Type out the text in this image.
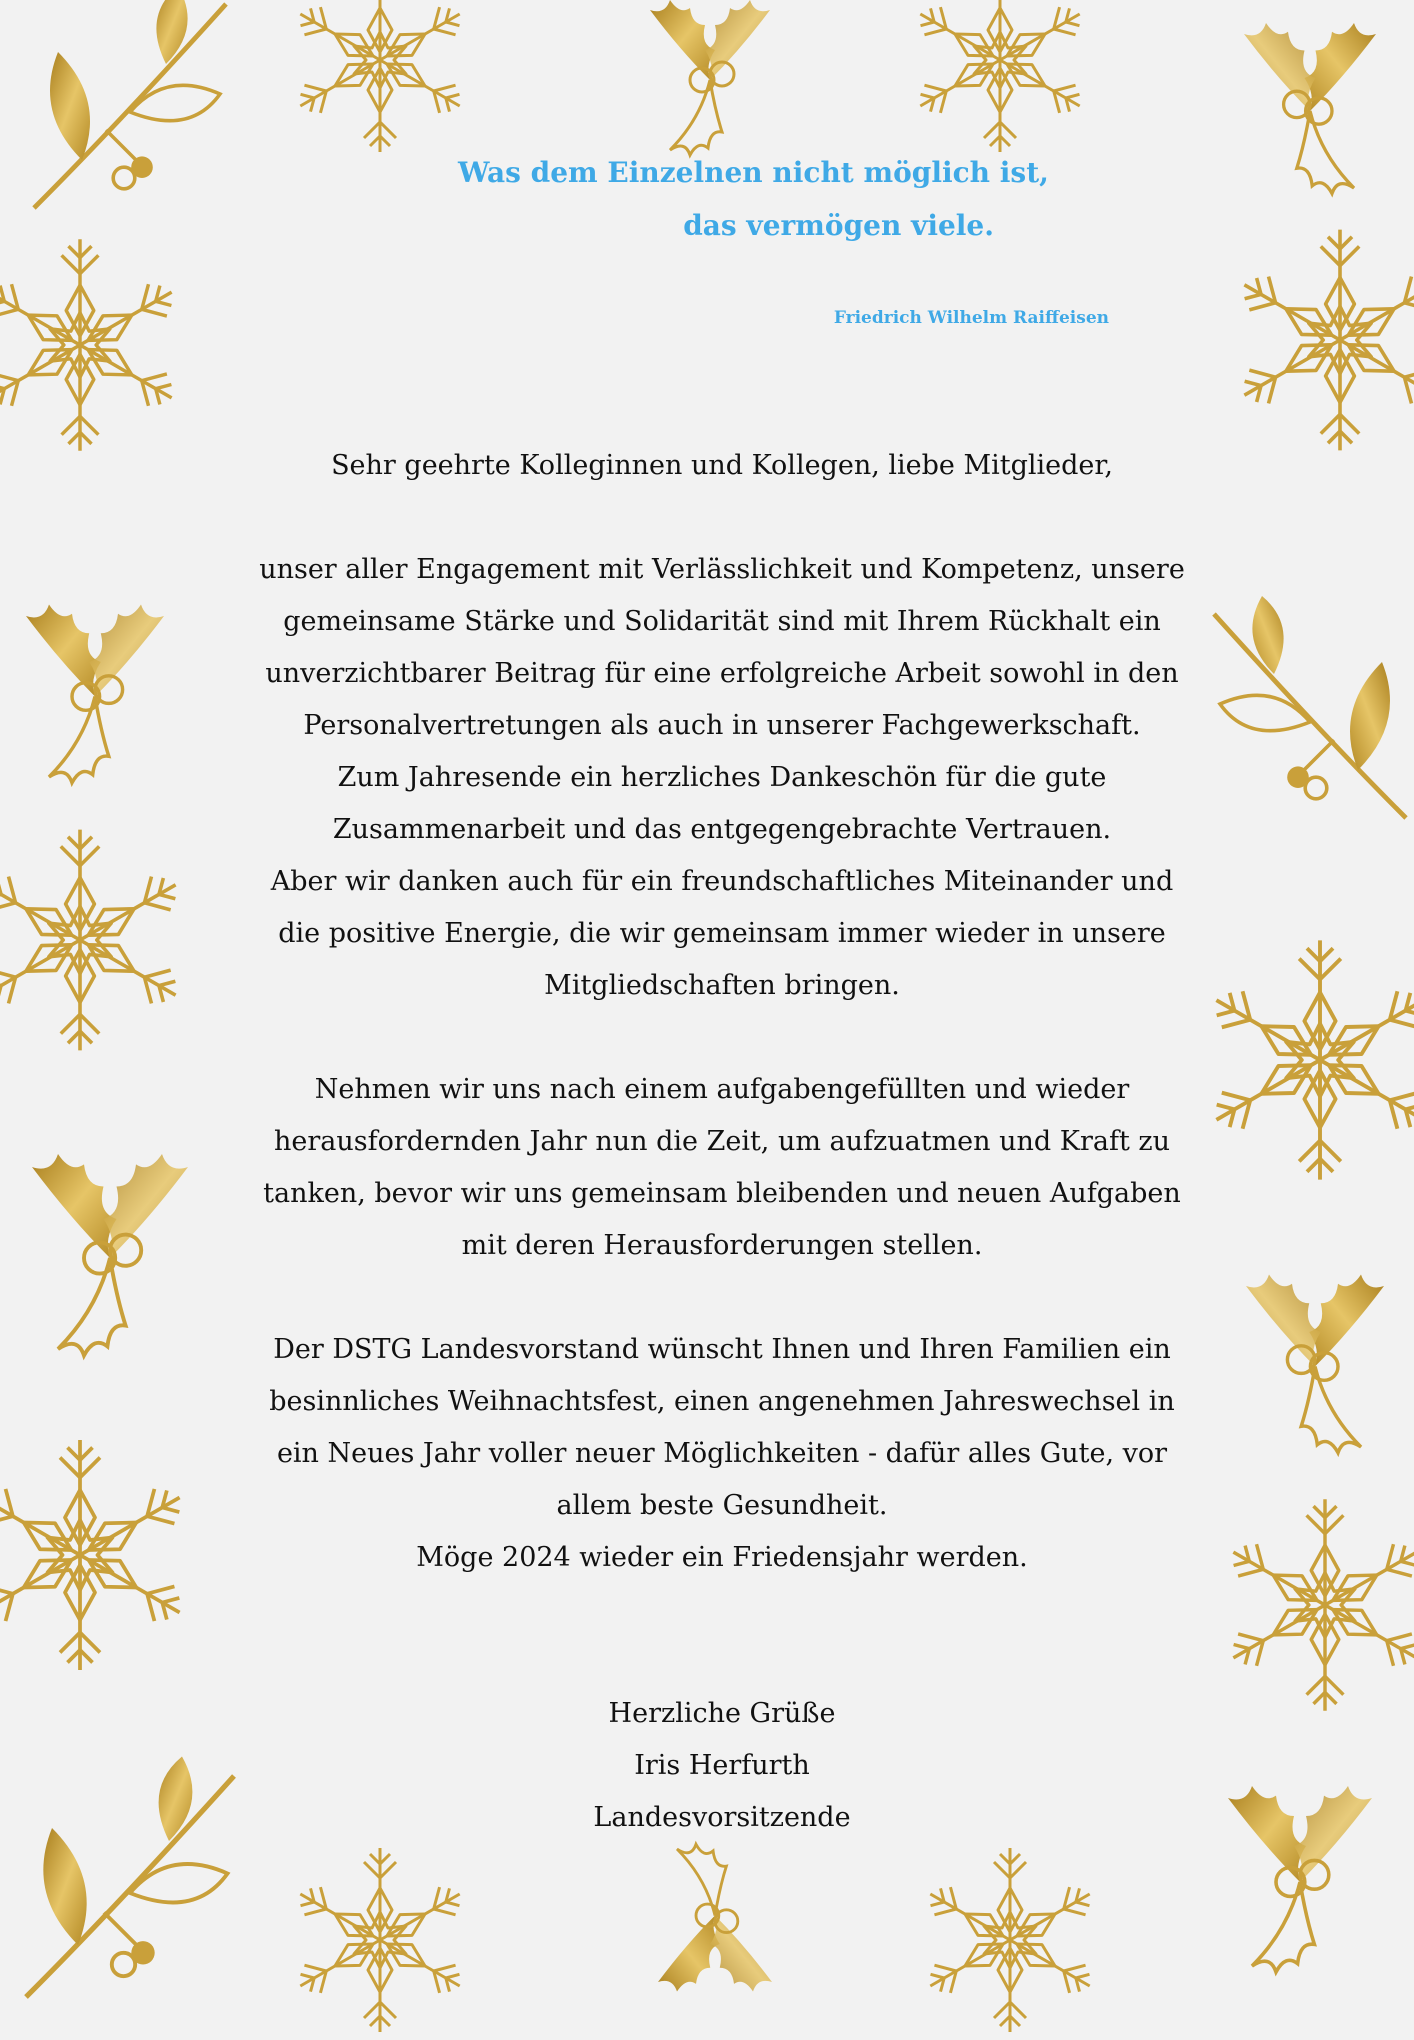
Was dem Einzelnen nicht möglich ist,
das vermögen viele.
Friedrich Wilhelm Raiffeisen

Sehr geehrte Kolleginnen und Kollegen, liebe Mitglieder,

unser aller Engagement mit Verlässlichkeit und Kompetenz, unsere

gemeinsame Stärke und Solidarität sind mit Ihrem Rückhalt ein

unverzichtbarer Beitrag für eine erfolgreiche Arbeit sowohl in den

Personalvertretungen als auch in unserer Fachgewerkschaft.

Zum Jahresende ein herzliches Dankeschön für die gute

Zusammenarbeit und das entgegengebrachte Vertrauen.

Aber wir danken auch für ein freundschaftliches Miteinander und

die positive Energie, die wir gemeinsam immer wieder in unsere

Mitgliedschaften bringen.

Nehmen wir uns nach einem aufgabengefüllten und wieder

herausfordernden Jahr nun die Zeit, um aufzuatmen und Kraft zu

tanken, bevor wir uns gemeinsam bleibenden und neuen Aufgaben

mit deren Herausforderungen stellen.

Der DSTG Landesvorstand wünscht Ihnen und Ihren Familien ein

besinnliches Weihnachtsfest, einen angenehmen Jahreswechsel in

ein Neues Jahr voller neuer Möglichkeiten - dafür alles Gute, vor

allem beste Gesundheit.

Möge 2024 wieder ein Friedensjahr werden.

Herzliche Grüße

Iris Herfurth

Landesvorsitzende
